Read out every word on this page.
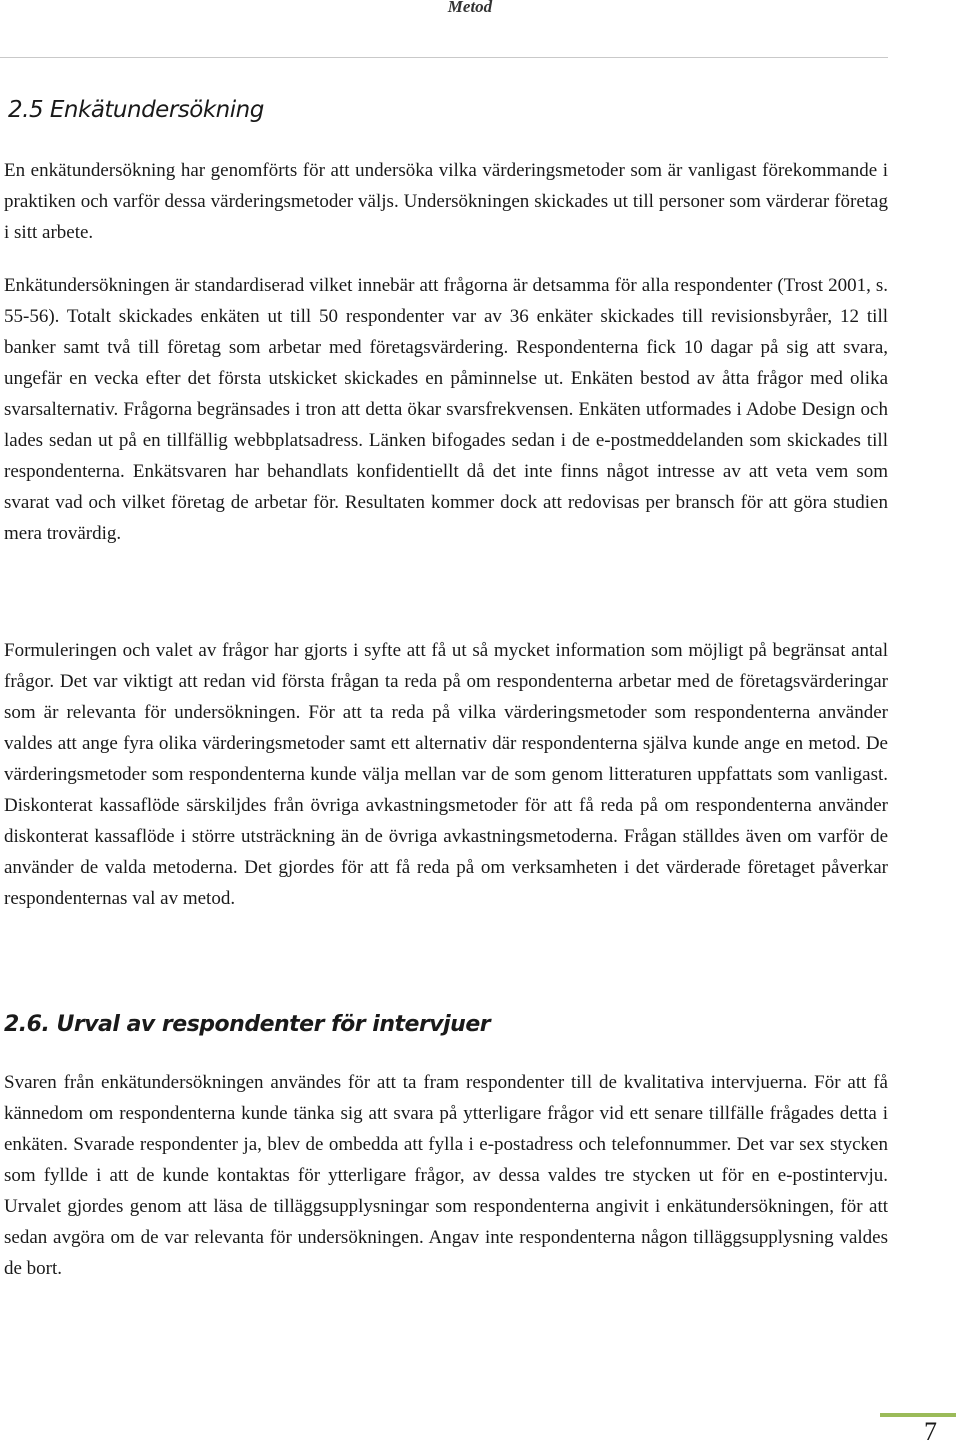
Metod
2.5 Enkätundersökning

En enkätundersökning har genomförts för att undersöka vilka värderingsmetoder som är vanligast förekommande i praktiken och varför dessa värderingsmetoder väljs. Undersökningen skickades ut till personer som värderar företag i sitt arbete.

Enkätundersökningen är standardiserad vilket innebär att frågorna är detsamma för alla respondenter (Trost 2001, s. 55-56). Totalt skickades enkäten ut till 50 respondenter var av 36 enkäter skickades till revisionsbyråer, 12 till banker samt två till företag som arbetar med företagsvärdering. Respondenterna fick 10 dagar på sig att svara, ungefär en vecka efter det första utskicket skickades en påminnelse ut. Enkäten bestod av åtta frågor med olika svarsalternativ. Frågorna begränsades i tron att detta ökar svarsfrekvensen. Enkäten utformades i Adobe Design och lades sedan ut på en tillfällig webbplatsadress. Länken bifogades sedan i de e-postmeddelanden som skickades till respondenterna. Enkätsvaren har behandlats konfidentiellt då det inte finns något intresse av att veta vem som svarat vad och vilket företag de arbetar för. Resultaten kommer dock att redovisas per bransch för att göra studien mera trovärdig.

Formuleringen och valet av frågor har gjorts i syfte att få ut så mycket information som möjligt på begränsat antal frågor. Det var viktigt att redan vid första frågan ta reda på om respondenterna arbetar med de företagsvärderingar som är relevanta för undersökningen. För att ta reda på vilka värderingsmetoder som respondenterna använder valdes att ange fyra olika värderingsmetoder samt ett alternativ där respondenterna själva kunde ange en metod. De värderingsmetoder som respondenterna kunde välja mellan var de som genom litteraturen uppfattats som vanligast. Diskonterat kassaflöde särskiljdes från övriga avkastningsmetoder för att få reda på om respondenterna använder diskonterat kassaflöde i större utsträckning än de övriga avkastningsmetoderna. Frågan ställdes även om varför de använder de valda metoderna. Det gjordes för att få reda på om verksamheten i det värderade företaget påverkar respondenternas val av metod.

2.6. Urval av respondenter för intervjuer

Svaren från enkätundersökningen användes för att ta fram respondenter till de kvalitativa intervjuerna. För att få kännedom om respondenterna kunde tänka sig att svara på ytterligare frågor vid ett senare tillfälle frågades detta i enkäten. Svarade respondenter ja, blev de ombedda att fylla i e-postadress och telefonnummer. Det var sex stycken som fyllde i att de kunde kontaktas för ytterligare frågor, av dessa valdes tre stycken ut för en e-postintervju. Urvalet gjordes genom att läsa de tilläggsupplysningar som respondenterna angivit i enkätundersökningen, för att sedan avgöra om de var relevanta för undersökningen. Angav inte respondenterna någon tilläggsupplysning valdes de bort.

7
